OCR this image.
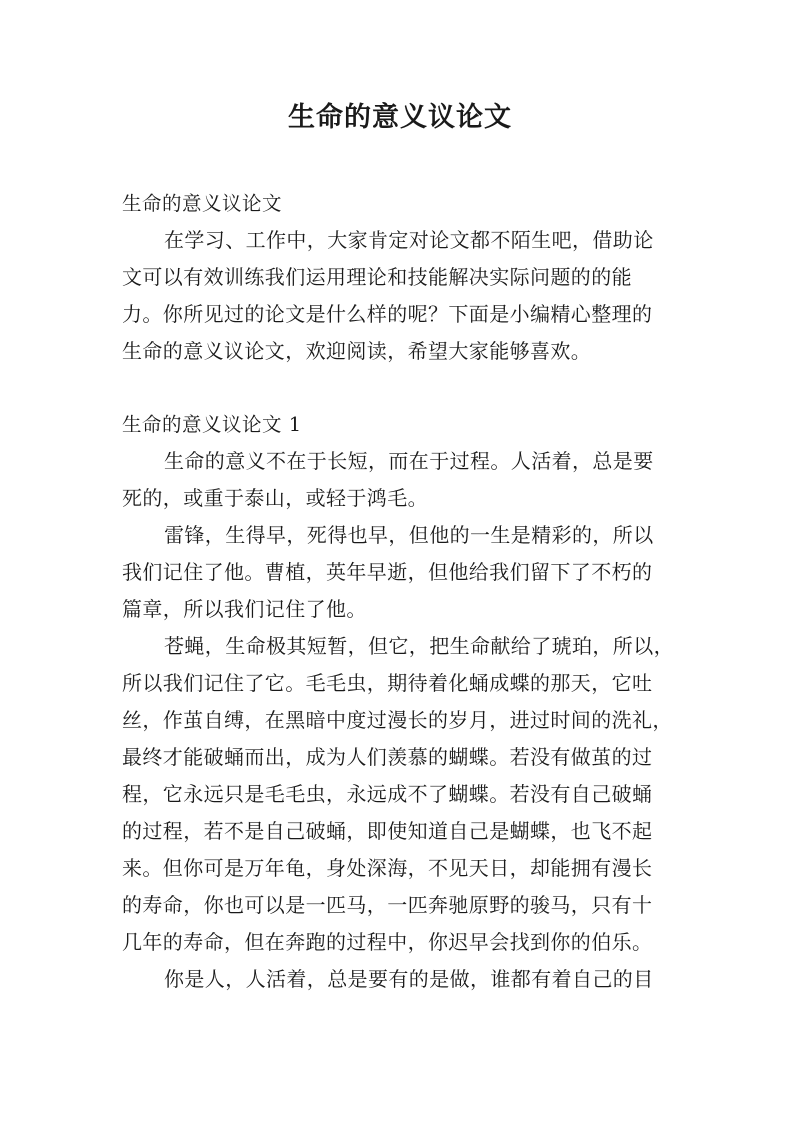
生命的意义议论文

生命的意义议论文

在学习、工作中，大家肯定对论文都不陌生吧，借助论
文可以有效训练我们运用理论和技能解决实际问题的的能
力。你所见过的论文是什么样的呢？下面是小编精心整理的
生命的意义议论文，欢迎阅读，希望大家能够喜欢。

生命的意义议论文 1

生命的意义不在于长短，而在于过程。人活着，总是要
死的，或重于泰山，或轻于鸿毛。
雷锋，生得早，死得也早，但他的一生是精彩的，所以
我们记住了他。曹植，英年早逝，但他给我们留下了不朽的
篇章，所以我们记住了他。
苍蝇，生命极其短暂，但它，把生命献给了琥珀，所以，
所以我们记住了它。毛毛虫，期待着化蛹成蝶的那天，它吐
丝，作茧自缚，在黑暗中度过漫长的岁月，进过时间的洗礼，
最终才能破蛹而出，成为人们羡慕的蝴蝶。若没有做茧的过
程，它永远只是毛毛虫，永远成不了蝴蝶。若没有自己破蛹
的过程，若不是自己破蛹，即使知道自己是蝴蝶，也飞不起
来。但你可是万年龟，身处深海，不见天日，却能拥有漫长
的寿命，你也可以是一匹马，一匹奔驰原野的骏马，只有十
几年的寿命，但在奔跑的过程中，你迟早会找到你的伯乐。
你是人，人活着，总是要有的是做，谁都有着自己的目
